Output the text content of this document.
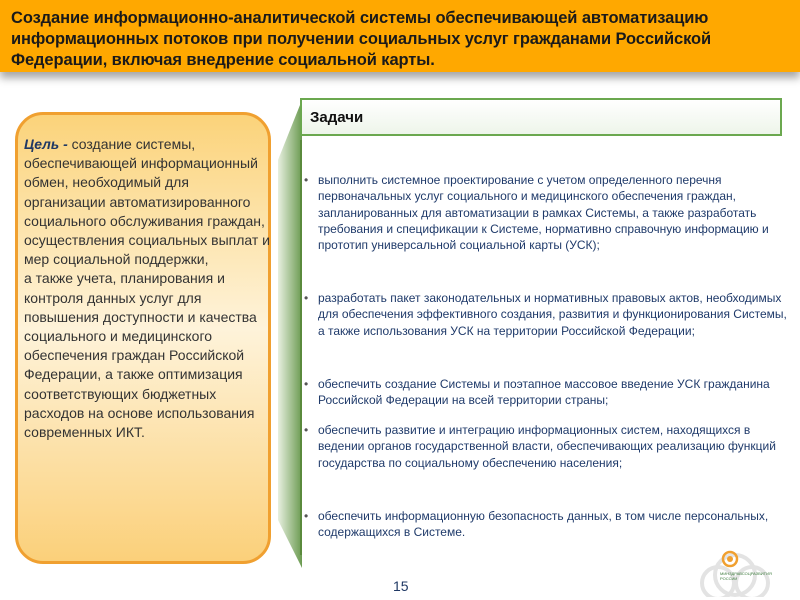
Создание информационно-аналитической системы обеспечивающей автоматизацию информационных потоков при получении социальных услуг гражданами Российской Федерации, включая внедрение социальной карты.
Цель - создание системы, обеспечивающей информационный обмен, необходимый для организации автоматизированного социального обслуживания граждан, осуществления социальных выплат и мер социальной поддержки,
а также учета, планирования и контроля данных услуг для повышения доступности и качества социального и медицинского обеспечения граждан Российской Федерации, а также оптимизация соответствующих бюджетных расходов на основе использования современных ИКТ.
Задачи
• выполнить системное проектирование с учетом определенного перечня первоначальных услуг социального и медицинского обеспечения граждан, запланированных для автоматизации в рамках Системы, а также разработать требования и спецификации к Системе, нормативно справочную информацию и прототип универсальной социальной карты (УСК);
• разработать пакет законодательных и нормативных правовых актов, необходимых для обеспечения эффективного создания, развития и функционирования Системы, а также использования УСК на территории Российской Федерации;
• обеспечить создание Системы и поэтапное массовое введение УСК гражданина Российской Федерации на всей территории страны;
• обеспечить развитие и интеграцию информационных систем, находящихся в ведении органов государственной власти, обеспечивающих реализацию функций государства по социальному обеспечению населения;
• обеспечить информационную безопасность данных, в том числе персональных, содержащихся в Системе.
15
МИНЗДРАВСОЦРАЗВИТИЯ
РОССИИ
